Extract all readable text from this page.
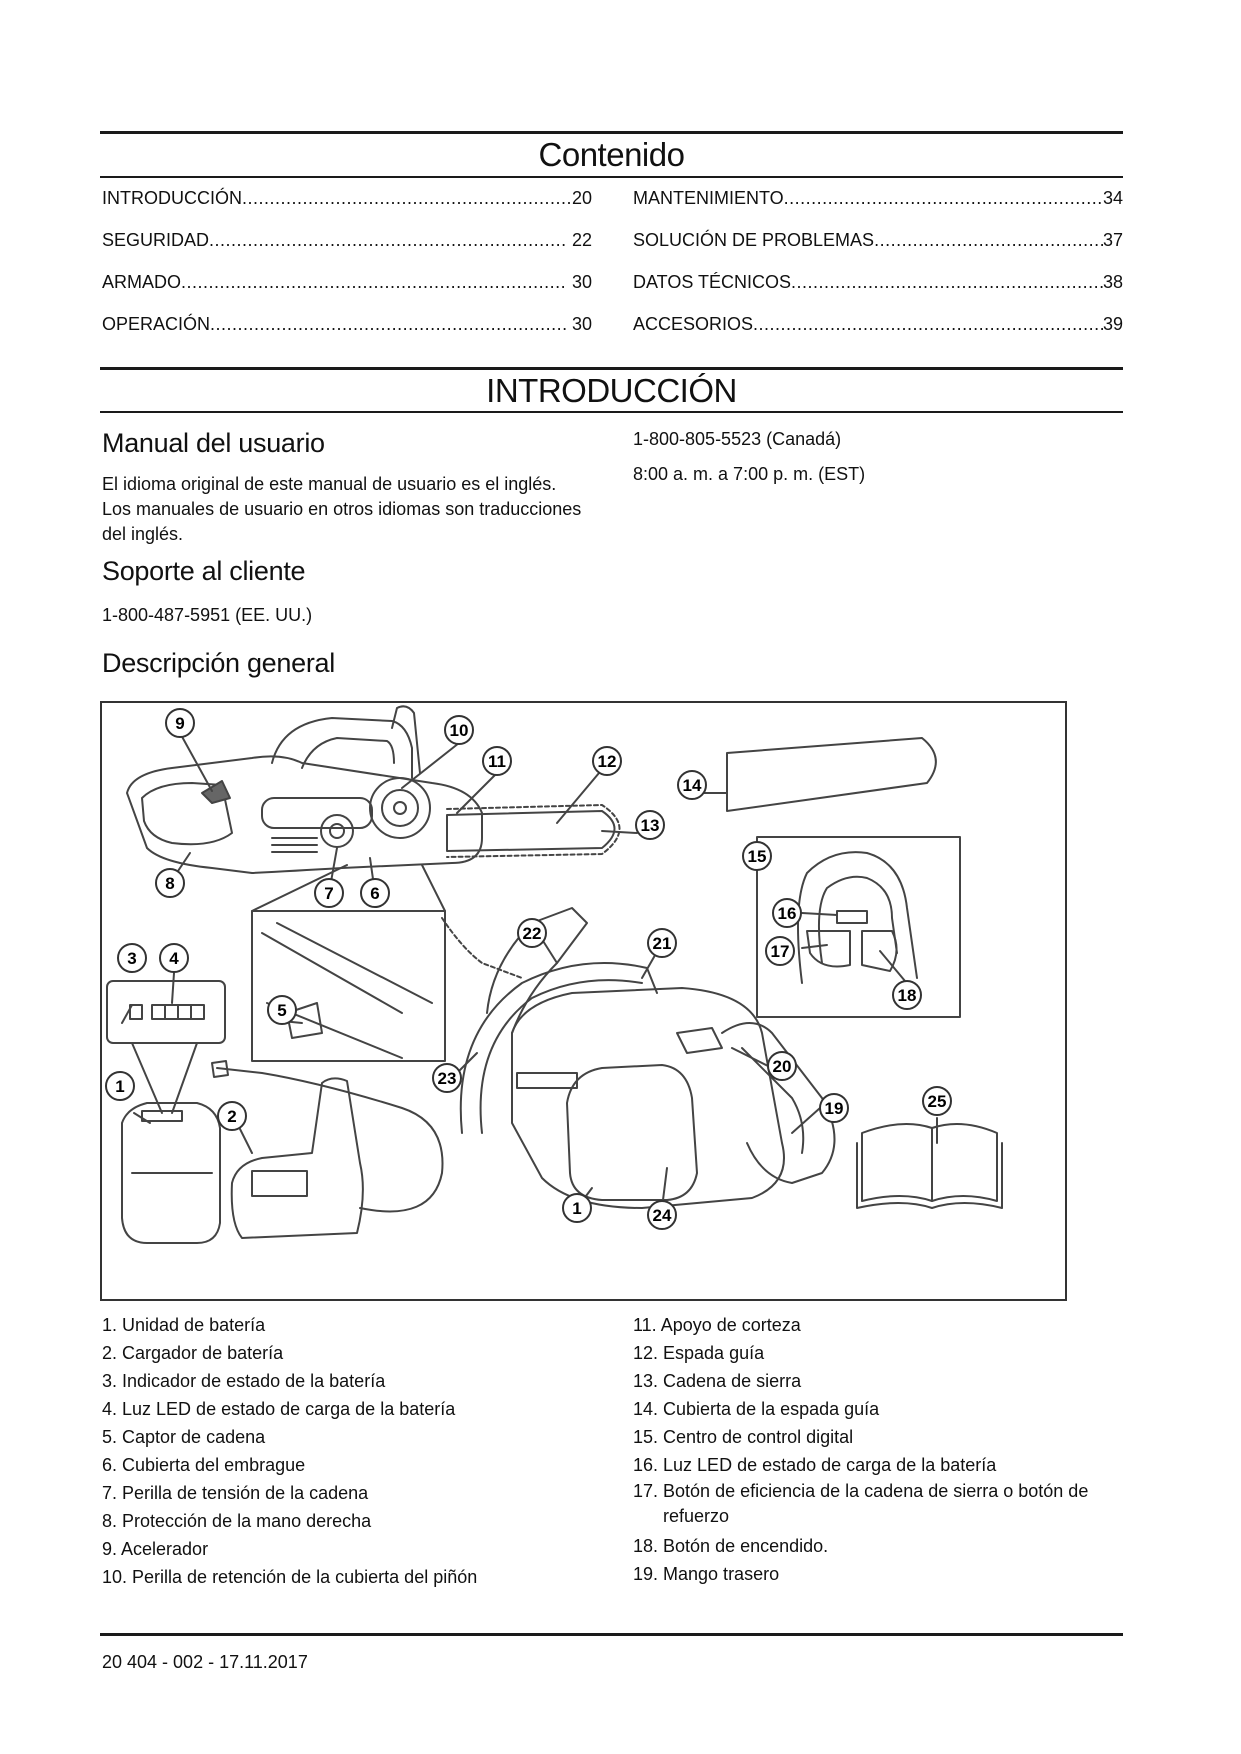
Contenido
INTRODUCCIÓN .....	20
SEGURIDAD .....	22
ARMADO .....	30
OPERACIÓN .....	30
MANTENIMIENTO .....	34
SOLUCIÓN DE PROBLEMAS .....	37
DATOS TÉCNICOS .....	38
ACCESORIOS .....	39
INTRODUCCIÓN
Manual del usuario
El idioma original de este manual de usuario es el inglés. Los manuales de usuario en otros idiomas son traducciones del inglés.
Soporte al cliente
1-800-487-5951 (EE. UU.)
1-800-805-5523 (Canadá)
8:00 a. m. a 7:00 p. m. (EST)
Descripción general
9	10
11	12
13
14
8
7 6
15
16
17
18
22
21
3 4
5
20
19	25
1
2
23
1	24
1. Unidad de batería
2. Cargador de batería
3. Indicador de estado de la batería
4. Luz LED de estado de carga de la batería
5. Captor de cadena
6. Cubierta del embrague
7. Perilla de tensión de la cadena
8. Protección de la mano derecha
9. Acelerador
10. Perilla de retención de la cubierta del piñón
11. Apoyo de corteza
12. Espada guía
13. Cadena de sierra
14. Cubierta de la espada guía
15. Centro de control digital
16. Luz LED de estado de carga de la batería
17. Botón de eficiencia de la cadena de sierra o botón de refuerzo
18. Botón de encendido.
19. Mango trasero
20 404 - 002 - 17.11.2017
